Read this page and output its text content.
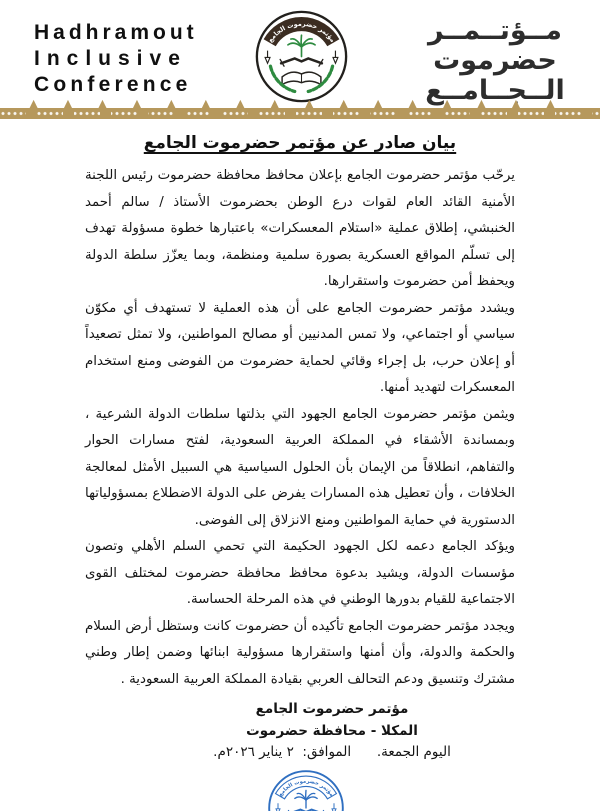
Hadhramout
Inclusive
Conference
مــؤتــمــر
حضرموت
الــجــامــع
▲▲▲▲▲▲▲▲▲▲▲▲▲▲▲▲
بيان صادر عن مؤتمر حضرموت الجامع

يرحّب مؤتمر حضرموت الجامع بإعلان محافظ محافظة حضرموت رئيس اللجنة الأمنية القائد العام لقوات درع الوطن بحضرموت الأستاذ / سالم أحمد الخنبشي، إطلاق عملية «استلام المعسكرات» باعتبارها خطوة مسؤولة تهدف إلى تسلّم المواقع العسكرية بصورة سلمية ومنظمة، وبما يعزّز سلطة الدولة ويحفظ أمن حضرموت واستقرارها.

ويشدد مؤتمر حضرموت الجامع على أن هذه العملية لا تستهدف أي مكوّن سياسي أو اجتماعي، ولا تمس المدنيين أو مصالح المواطنين، ولا تمثل تصعيداً أو إعلان حرب، بل إجراء وقائي لحماية حضرموت من الفوضى ومنع استخدام المعسكرات لتهديد أمنها.

ويثمن مؤتمر حضرموت الجامع الجهود التي بذلتها سلطات الدولة الشرعية ، وبمساندة الأشقاء في المملكة العربية السعودية، لفتح مسارات الحوار والتفاهم، انطلاقاً من الإيمان بأن الحلول السياسية هي السبيل الأمثل لمعالجة الخلافات ، وأن تعطيل هذه المسارات يفرض على الدولة الاضطلاع بمسؤولياتها الدستورية في حماية المواطنين ومنع الانزلاق إلى الفوضى.

ويؤكد الجامع دعمه لكل الجهود الحكيمة التي تحمي السلم الأهلي وتصون مؤسسات الدولة، ويشيد بدعوة محافظ محافظة حضرموت لمختلف القوى الاجتماعية للقيام بدورها الوطني في هذه المرحلة الحساسة.

ويجدد مؤتمر حضرموت الجامع تأكيده أن حضرموت كانت وستظل أرض السلام والحكمة والدولة، وأن أمنها واستقرارها مسؤولية ابنائها وضمن إطار وطني مشترك وتنسيق ودعم التحالف العربي بقيادة المملكة العربية السعودية .

مؤتمر حضرموت الجامع
المكلا - محافظة حضرموت
اليوم الجمعة.      الموافق:  ٢ يناير ٢٠٢٦م.
